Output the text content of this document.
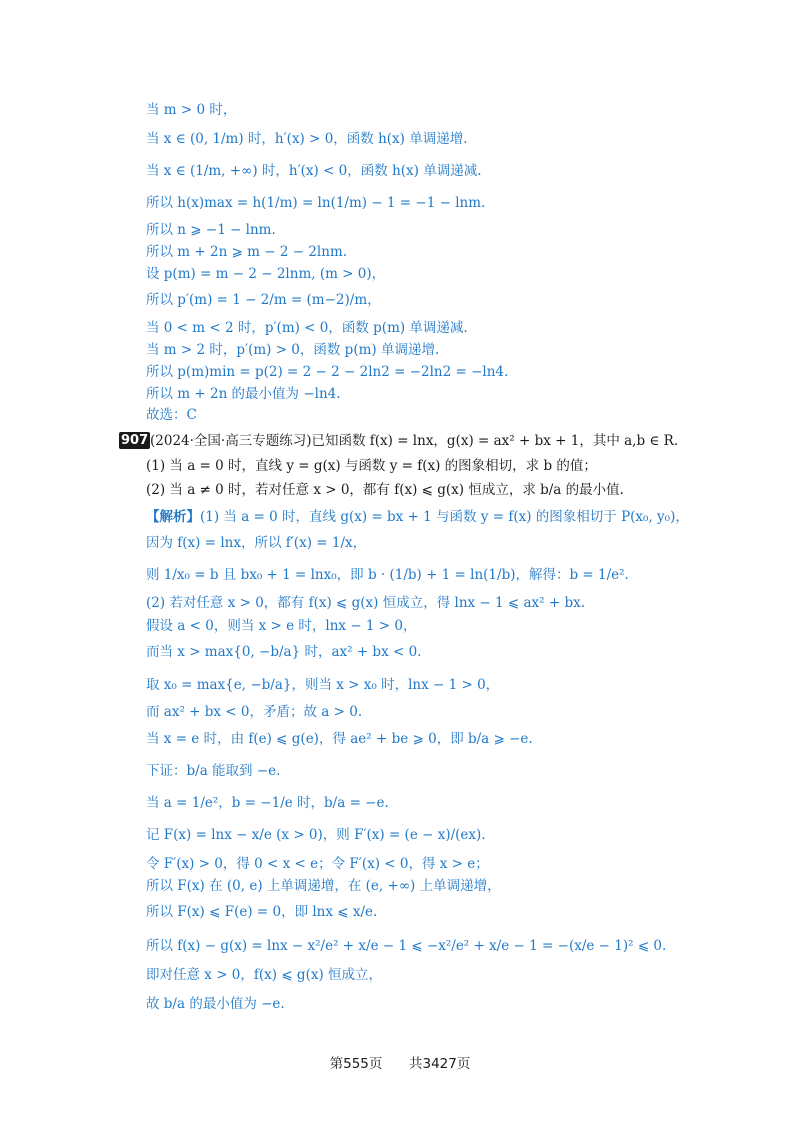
当 m > 0 时，
当 x ∈ (0, 1/m) 时，h′(x) > 0，函数 h(x) 单调递增.
当 x ∈ (1/m, +∞) 时，h′(x) < 0，函数 h(x) 单调递减.
所以 h(x)max = h(1/m) = ln(1/m) − 1 = −1 − lnm.
所以 n ⩾ −1 − lnm.
所以 m + 2n ⩾ m − 2 − 2lnm.
设 p(m) = m − 2 − 2lnm, (m > 0)，
所以 p′(m) = 1 − 2/m = (m−2)/m，
当 0 < m < 2 时，p′(m) < 0，函数 p(m) 单调递减.
当 m > 2 时，p′(m) > 0，函数 p(m) 单调递增.
所以 p(m)min = p(2) = 2 − 2 − 2ln2 = −2ln2 = −ln4.
所以 m + 2n 的最小值为 −ln4.
故选：C
907 (2024·全国·高三专题练习)已知函数 f(x) = lnx，g(x) = ax² + bx + 1，其中 a,b ∈ R.
(1) 当 a = 0 时，直线 y = g(x) 与函数 y = f(x) 的图象相切，求 b 的值；
(2) 当 a ≠ 0 时，若对任意 x > 0，都有 f(x) ⩽ g(x) 恒成立，求 b/a 的最小值.
【解析】(1) 当 a = 0 时，直线 g(x) = bx + 1 与函数 y = f(x) 的图象相切于 P(x₀, y₀)，
因为 f(x) = lnx，所以 f′(x) = 1/x，
则 1/x₀ = b 且 bx₀ + 1 = lnx₀，即 b · (1/b) + 1 = ln(1/b)，解得：b = 1/e².
(2) 若对任意 x > 0，都有 f(x) ⩽ g(x) 恒成立，得 lnx − 1 ⩽ ax² + bx.
假设 a < 0，则当 x > e 时，lnx − 1 > 0，
而当 x > max{0, −b/a} 时，ax² + bx < 0.
取 x₀ = max{e, −b/a}，则当 x > x₀ 时，lnx − 1 > 0，
而 ax² + bx < 0，矛盾；故 a > 0.
当 x = e 时，由 f(e) ⩽ g(e)，得 ae² + be ⩾ 0，即 b/a ⩾ −e.
下证：b/a 能取到 −e.
当 a = 1/e²，b = −1/e 时，b/a = −e.
记 F(x) = lnx − x/e (x > 0)，则 F′(x) = (e − x)/(ex).
令 F′(x) > 0，得 0 < x < e；令 F′(x) < 0，得 x > e；
所以 F(x) 在 (0, e) 上单调递增，在 (e, +∞) 上单调递增，
所以 F(x) ⩽ F(e) = 0，即 lnx ⩽ x/e.
所以 f(x) − g(x) = lnx − x²/e² + x/e − 1 ⩽ −x²/e² + x/e − 1 = −(x/e − 1)² ⩽ 0.
即对任意 x > 0，f(x) ⩽ g(x) 恒成立，
故 b/a 的最小值为 −e.
第555页 共3427页
